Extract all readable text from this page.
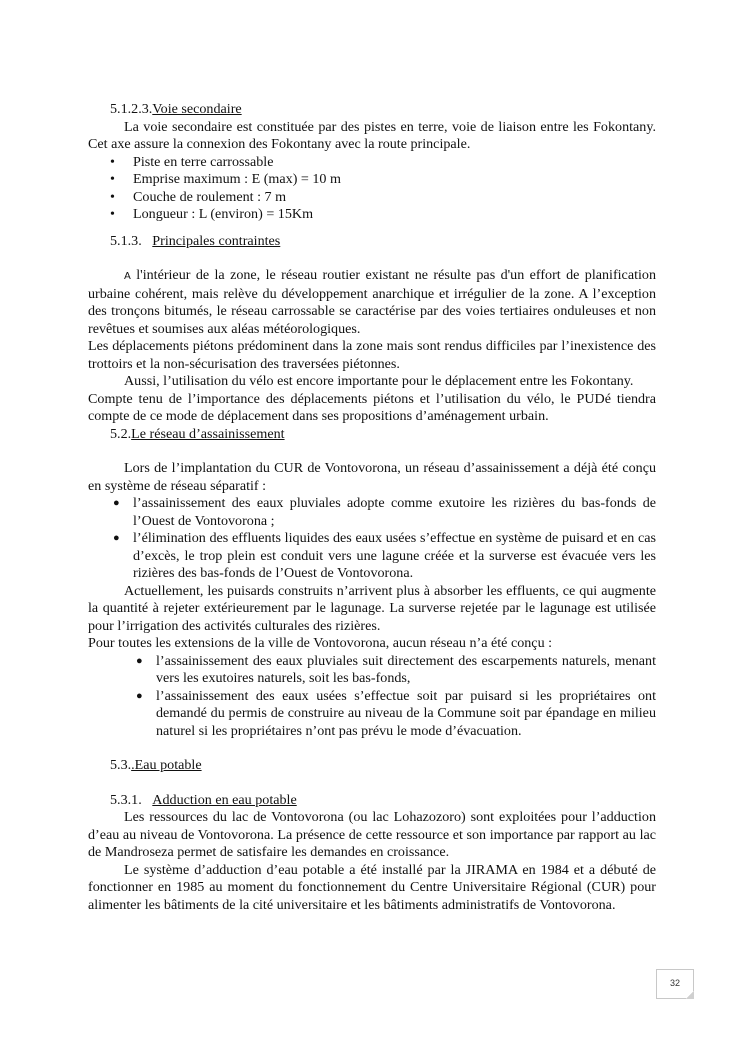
5.1.2.3.Voie secondaire

La voie secondaire est constituée par des pistes en terre, voie de liaison entre les Fokontany. Cet axe assure la connexion des Fokontany avec la route principale.

• Piste en terre carrossable
• Emprise maximum : E (max) = 10 m
• Couche de roulement : 7 m
• Longueur : L (environ) = 15Km

5.1.3. Principales contraintes

A l'intérieur de la zone, le réseau routier existant ne résulte pas d'un effort de planification urbaine cohérent, mais relève du développement anarchique et irrégulier de la zone. A l’exception des tronçons bitumés, le réseau carrossable se caractérise par des voies tertiaires onduleuses et non revêtues et soumises aux aléas météorologiques.

Les déplacements piétons prédominent dans la zone mais sont rendus difficiles par l’inexistence des trottoirs et la non-sécurisation des traversées piétonnes.

Aussi, l’utilisation du vélo est encore importante pour le déplacement entre les Fokontany.

Compte tenu de l’importance des déplacements piétons et l’utilisation du vélo, le PUDé tiendra compte de ce mode de déplacement dans ses propositions d’aménagement urbain.

5.2.Le réseau d’assainissement

Lors de l’implantation du CUR de Vontovorona, un réseau d’assainissement a déjà été conçu en système de réseau séparatif :

● l’assainissement des eaux pluviales adopte comme exutoire les rizières du bas-fonds de l’Ouest de Vontovorona ;
● l’élimination des effluents liquides des eaux usées s’effectue en système de puisard et en cas d’excès, le trop plein est conduit vers une lagune créée et la surverse est évacuée vers les rizières des bas-fonds de l’Ouest de Vontovorona.

Actuellement, les puisards construits n’arrivent plus à absorber les effluents, ce qui augmente la quantité à rejeter extérieurement par le lagunage. La surverse rejetée par le lagunage est utilisée pour l’irrigation des activités culturales des rizières.

Pour toutes les extensions de la ville de Vontovorona, aucun réseau n’a été conçu :

● l’assainissement des eaux pluviales suit directement des escarpements naturels, menant vers les exutoires naturels, soit les bas-fonds,
● l’assainissement des eaux usées s’effectue soit par puisard si les propriétaires ont demandé du permis de construire au niveau de la Commune soit par épandage en milieu naturel si les propriétaires n’ont pas prévu le mode d’évacuation.

5.3..Eau potable

5.3.1. Adduction en eau potable

Les ressources du lac de Vontovorona (ou lac Lohazozoro) sont exploitées pour l’adduction d’eau au niveau de Vontovorona. La présence de cette ressource et son importance par rapport au lac de Mandroseza permet de satisfaire les demandes en croissance.

Le système d’adduction d’eau potable a été installé par la JIRAMA en 1984 et a débuté de fonctionner en 1985 au moment du fonctionnement du Centre Universitaire Régional (CUR) pour alimenter les bâtiments de la cité universitaire et les bâtiments administratifs de Vontovorona.

32
